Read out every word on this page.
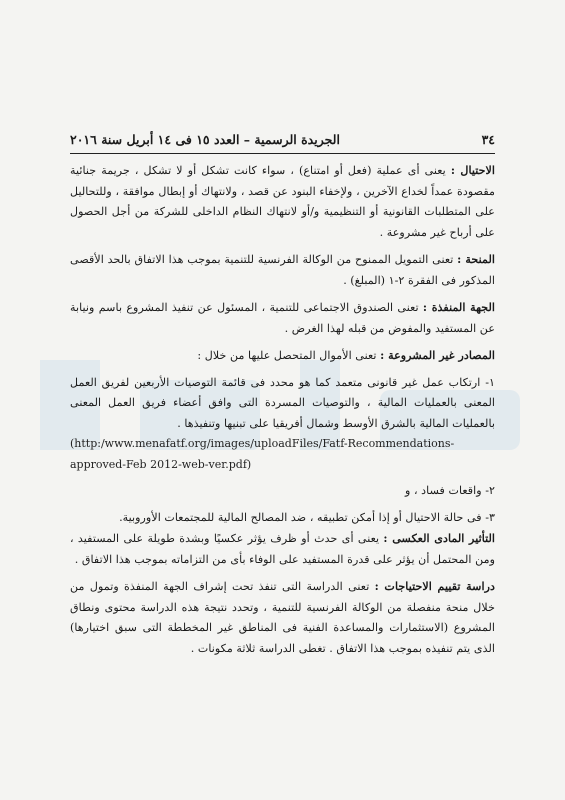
٣٤
الجريدة الرسمية – العدد ١٥ فى ١٤ أبريل سنة ٢٠١٦

الاحتيال : يعنى أى عملية (فعل أو امتناع) ، سواء كانت تشكل أو لا تشكل ، جريمة جنائية مقصودة عمداً لخداع الآخرين ، ولإخفاء البنود عن قصد ، ولانتهاك أو إبطال موافقة ، وللتحاليل على المتطلبات القانونية أو التنظيمية و/أو لانتهاك النظام الداخلى للشركة من أجل الحصول على أرباح غير مشروعة .

المنحة : تعنى التمويل الممنوح من الوكالة الفرنسية للتنمية بموجب هذا الاتفاق بالحد الأقصى المذكور فى الفقرة ٢-١ (المبلغ) .

الجهة المنفذة : تعنى الصندوق الاجتماعى للتنمية ، المسئول عن تنفيذ المشروع باسم ونيابة عن المستفيد والمفوض من قبله لهذا الغرض .

المصادر غير المشروعة : تعنى الأموال المتحصل عليها من خلال :

١- ارتكاب عمل غير قانونى متعمد كما هو محدد فى قائمة التوصيات الأربعين لفريق العمل المعنى بالعمليات المالية ، والتوصيات المسردة التى وافق أعضاء فريق العمل المعنى بالعمليات المالية بالشرق الأوسط وشمال أفريقيا على تبنيها وتنفيذها .

(http:/www.menafatf.org/images/uploadFiles/Fatf-Recommendations-approved-Feb 2012-web-ver.pdf)

٢- واقعات فساد ، و

٣- فى حالة الاحتيال أو إذا أمكن تطبيقه ، ضد المصالح المالية للمجتمعات الأوروبية.

التأثير المادى العكسى : يعنى أى حدث أو ظرف يؤثر عكسيًا وبشدة طويلة على المستفيد ، ومن المحتمل أن يؤثر على قدرة المستفيد على الوفاء بأى من التزاماته بموجب هذا الاتفاق .

دراسة تقييم الاحتياجات : تعنى الدراسة التى تنفذ تحت إشراف الجهة المنفذة وتمول من خلال منحة منفصلة من الوكالة الفرنسية للتنمية ، وتحدد نتيجة هذه الدراسة محتوى ونطاق المشروع (الاستثمارات والمساعدة الفنية فى المناطق غير المخططة التى سبق اختيارها) الذى يتم تنفيذه بموجب هذا الاتفاق . تغطى الدراسة ثلاثة مكونات .
